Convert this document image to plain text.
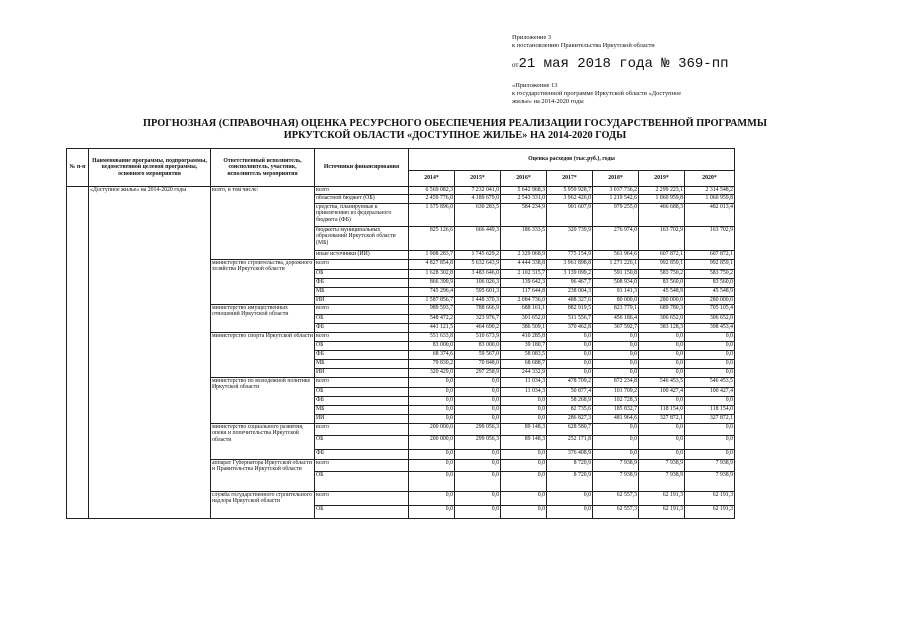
Приложение 3
к постановлению Правительства Иркутской области
от21 мая 2018 года № 369-пп
«Приложение 13
к государственной программе Иркутской области «Доступное
жилье» на 2014-2020 годы
ПРОГНОЗНАЯ (СПРАВОЧНАЯ) ОЦЕНКА РЕСУРСНОГО ОБЕСПЕЧЕНИЯ РЕАЛИЗАЦИИ ГОСУДАРСТВЕННОЙ ПРОГРАММЫ
ИРКУТСКОЙ ОБЛАСТИ «ДОСТУПНОЕ ЖИЛЬЕ» НА 2014-2020 ГОДЫ
№ п-п	Наименование программы, подпрограммы, ведомственной целевой программы, основного мероприятия	Ответственный исполнитель, соисполнитель, участник, исполнитель мероприятия	Источники финансирования	Оценка расходов (тыс.руб.), годы						
				2014*	2015*	2016*	2017*	2018*	2019*	2020*
	«Доступное жилье» на 2014-2020 годы	всего, в том числе:	всего	6 569 082,3	7 232 041,0	5 642 968,3	5 959 928,7	3 037 736,2	2 299 223,1	2 314 548,2
			областной бюджет (ОБ)	2 459 776,0	4 189 679,0	2 543 331,0	3 962 426,0	1 219 542,6	1 060 959,8	1 060 959,8
			средства, планируемые к привлечению из федерального бюджета (ФБ)	1 375 896,0	630 283,5	584 234,9	901 607,9	979 255,0	466 688,3	482 013,4
			бюджеты муниципальных образований Иркутской области (МБ)	825 126,6	666 449,3	186 333,5	320 739,9	276 974,0	163 702,9	163 702,9
			иные источники (ИИ)	1 908 283,7	1 745 629,2	2 329 068,9	775 154,9	561 964,6	607 872,1	607 872,1
		министерство строительства, дорожного хозяйства Иркутской области	всего	4 827 854,8	5 632 643,9	4 444 338,8	3 961 898,8	1 271 226,1	992 859,1	992 859,1
			ОБ	1 628 302,8	3 483 646,0	2 102 315,7	3 139 099,2	591 150,8	583 750,2	583 750,2
			ФБ	866 399,9	106 026,3	139 642,3	96 467,7	508 934,0	83 560,0	83 560,0
			МБ	745 296,4	595 601,3	117 644,8	238 004,3	91 141,3	45 548,9	45 548,9
			ИИ	1 587 856,7	1 448 370,3	2 084 736,0	488 327,6	80 000,0	280 000,0	280 000,0
		министерство имущественных отношений Иркутской области	всего	989 593,7	788 666,9	688 161,1	882 919,5	823 779,1	689 780,3	705 105,4
			ОБ	548 472,2	323 976,7	301 652,0	511 556,7	456 186,4	306 652,0	306 652,0
			ФБ	441 121,5	464 690,2	386 509,1	370 462,8	367 592,7	383 128,3	398 453,4
		министерство спорта Иркутской области	всего	551 633,8	510 673,9	410 285,8	0,0	0,0	0,0	0,0
			ОБ	83 000,0	83 000,0	39 180,7	0,0	0,0	0,0	0,0
			ФБ	68 374,6	59 567,0	58 083,5	0,0	0,0	0,0	0,0
			МБ	79 830,2	70 848,0	68 688,7	0,0	0,0	0,0	0,0
			ИИ	320 429,0	297 258,9	244 332,9	0,0	0,0	0,0	0,0
		министерство по молодежной политике Иркутской области	всего	0,0	0,0	11 034,3	478 709,2	872 234,8	546 453,5	546 453,5
			ОБ	0,0	0,0	11 034,3	50 877,4	101 709,2	100 427,4	100 427,4
			ФБ	0,0	0,0	0,0	58 268,9	102 728,3	0,0	0,0
			МБ	0,0	0,0	0,0	82 735,6	185 832,7	118 154,0	118 154,0
			ИИ	0,0	0,0	0,0	286 827,3	481 964,6	327 872,1	327 872,1
		министерство социального развития, опеки и попечительства Иркутской области	всего	200 000,0	299 056,3	89 148,3	628 580,7	0,0	0,0	0,0
			ОБ	200 000,0	299 056,3	89 148,3	252 171,8	0,0	0,0	0,0
			ФБ	0,0	0,0	0,0	376 408,9	0,0	0,0	0,0
		аппарат Губернатора Иркутской области и Правительства Иркутской области	всего	0,0	0,0	0,0	8 720,9	7 938,9	7 938,9	7 938,9
			ОБ	0,0	0,0	0,0	8 720,9	7 938,9	7 938,9	7 938,9
		служба государственного строительного надзора Иркутской области	всего	0,0	0,0	0,0	0,0	62 557,3	62 191,3	62 191,3
			ОБ	0,0	0,0	0,0	0,0	62 557,3	62 191,3	62 191,3
